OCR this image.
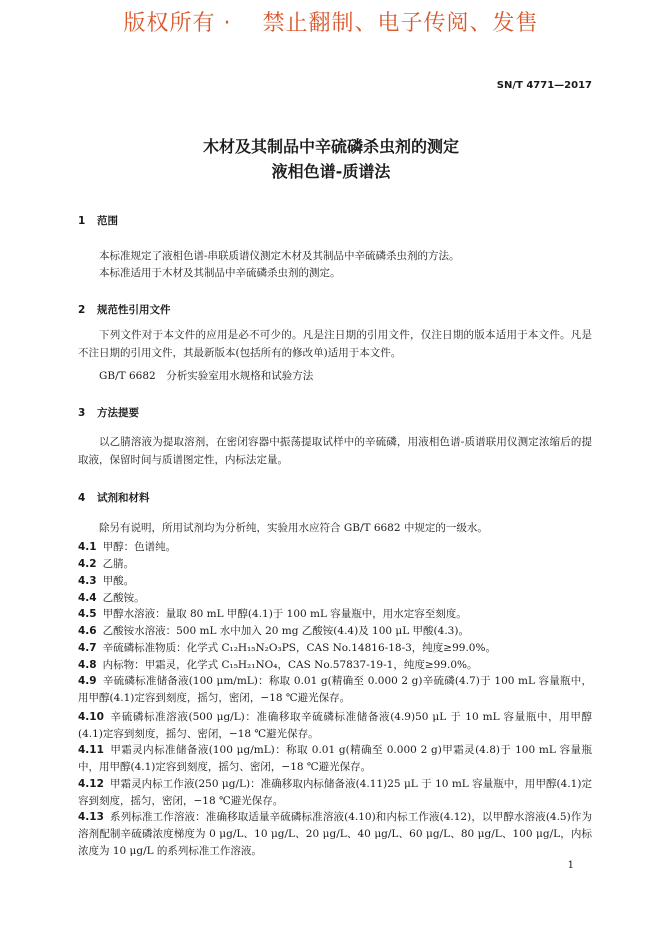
版权所有 ·　 禁止翻制、电子传阅、发售
SN/T 4771—2017
木材及其制品中辛硫磷杀虫剂的测定
液相色谱-质谱法
1 范围
本标准规定了液相色谱-串联质谱仪测定木材及其制品中辛硫磷杀虫剂的方法。
本标准适用于木材及其制品中辛硫磷杀虫剂的测定。
2 规范性引用文件
下列文件对于本文件的应用是必不可少的。凡是注日期的引用文件，仅注日期的版本适用于本文件。凡是不注日期的引用文件，其最新版本(包括所有的修改单)适用于本文件。
GB/T 6682　分析实验室用水规格和试验方法
3 方法提要
以乙腈溶液为提取溶剂，在密闭容器中振荡提取试样中的辛硫磷，用液相色谱-质谱联用仪测定浓缩后的提取液，保留时间与质谱图定性，内标法定量。
4 试剂和材料
除另有说明，所用试剂均为分析纯，实验用水应符合 GB/T 6682 中规定的一级水。
4.1 甲醇：色谱纯。
4.2 乙腈。
4.3 甲酸。
4.4 乙酸铵。
4.5 甲醇水溶液：量取 80 mL 甲醇(4.1)于 100 mL 容量瓶中，用水定容至刻度。
4.6 乙酸铵水溶液：500 mL 水中加入 20 mg 乙酸铵(4.4)及 100 μL 甲酸(4.3)。
4.7 辛硫磷标准物质：化学式 C₁₂H₁₅N₂O₃PS，CAS No.14816-18-3，纯度≥99.0%。
4.8 内标物：甲霜灵，化学式 C₁₅H₂₁NO₄，CAS No.57837-19-1，纯度≥99.0%。
4.9 辛硫磷标准储备液(100 μm/mL)：称取 0.01 g(精确至 0.000 2 g)辛硫磷(4.7)于 100 mL 容量瓶中，用甲醇(4.1)定容到刻度，摇匀，密闭，−18 ℃避光保存。
4.10 辛硫磷标准溶液(500 μg/L)：准确移取辛硫磷标准储备液(4.9)50 μL 于 10 mL 容量瓶中，用甲醇(4.1)定容到刻度，摇匀、密闭，−18 ℃避光保存。
4.11 甲霜灵内标准储备液(100 μg/mL)：称取 0.01 g(精确至 0.000 2 g)甲霜灵(4.8)于 100 mL 容量瓶中，用甲醇(4.1)定容到刻度，摇匀、密闭，−18 ℃避光保存。
4.12 甲霜灵内标工作液(250 μg/L)：准确移取内标储备液(4.11)25 μL 于 10 mL 容量瓶中，用甲醇(4.1)定容到刻度，摇匀，密闭，−18 ℃避光保存。
4.13 系列标准工作溶液：准确移取适量辛硫磷标准溶液(4.10)和内标工作液(4.12)，以甲醇水溶液(4.5)作为溶剂配制辛硫磷浓度梯度为 0 μg/L、10 μg/L、20 μg/L、40 μg/L、60 μg/L、80 μg/L、100 μg/L，内标浓度为 10 μg/L 的系列标准工作溶液。
1
